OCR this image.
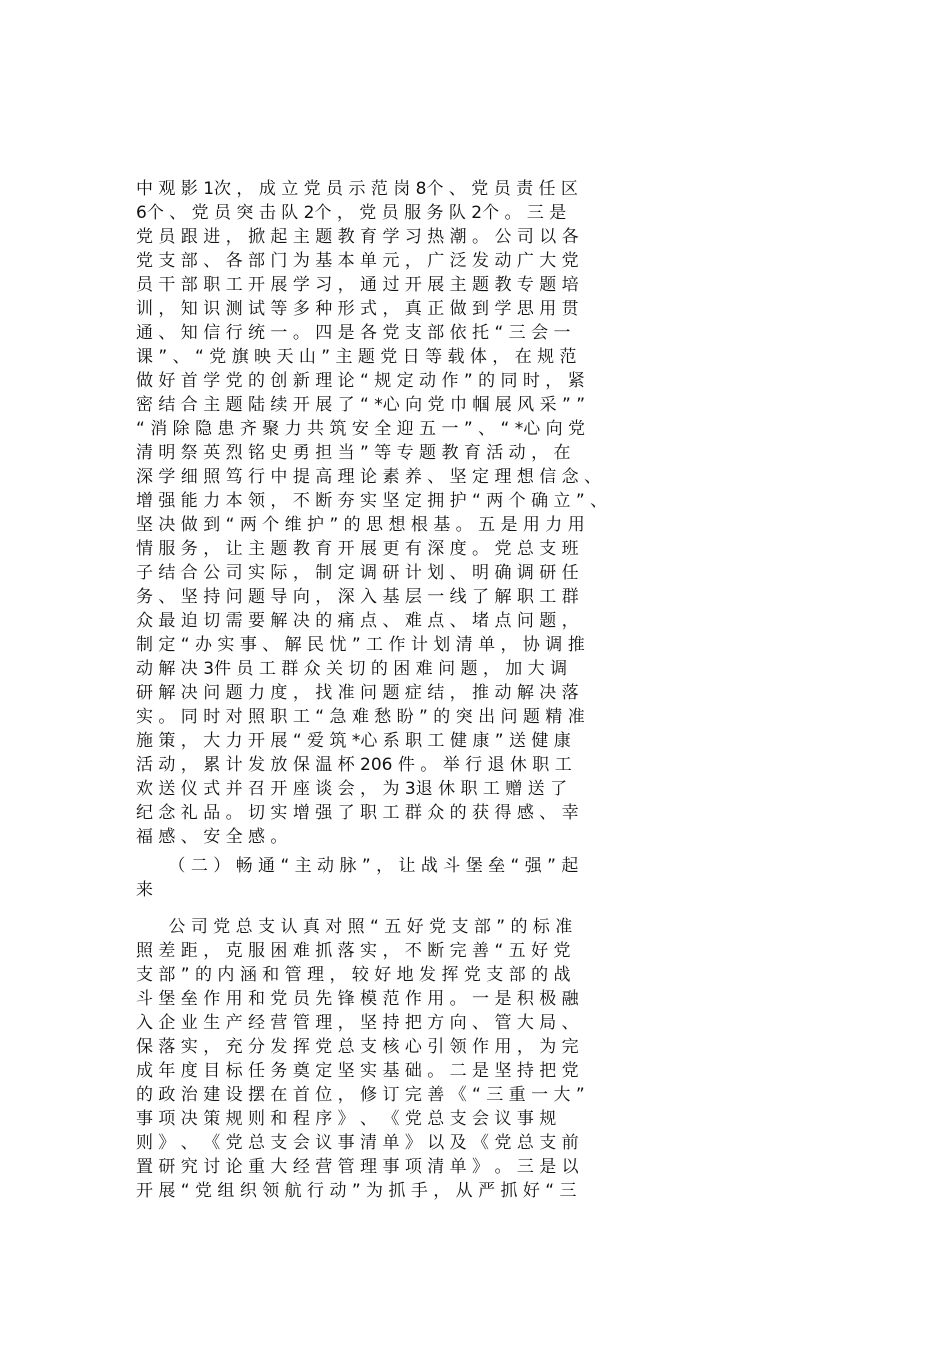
中 观 影 1次 ， 成 立 党 员 示 范 岗 8个 、 党 员 责 任 区
6个 、 党 员 突 击 队 2个 ， 党 员 服 务 队 2个 。 三 是
党 员 跟 进 ， 掀 起 主 题 教 育 学 习 热 潮 。 公 司 以 各
党 支 部 、 各 部 门 为 基 本 单 元 ， 广 泛 发 动 广 大 党
员 干 部 职 工 开 展 学 习 ， 通 过 开 展 主 题 教 专 题 培
训 ， 知 识 测 试 等 多 种 形 式 ， 真 正 做 到 学 思 用 贯
通 、 知 信 行 统 一 。 四 是 各 党 支 部 依 托 “ 三 会 一
课 ” 、 “ 党 旗 映 天 山 ” 主 题 党 日 等 载 体 ， 在 规 范
做 好 首 学 党 的 创 新 理 论 “ 规 定 动 作 ” 的 同 时 ， 紧
密 结 合 主 题 陆 续 开 展 了 “ *心 向 党 巾 帼 展 风 采 ” ”
“ 消 除 隐 患 齐 聚 力 共 筑 安 全 迎 五 一 ” 、 “ *心 向 党
清 明 祭 英 烈 铭 史 勇 担 当 ” 等 专 题 教 育 活 动 ， 在
深 学 细 照 笃 行 中 提 高 理 论 素 养 、 坚 定 理 想 信 念 、
增 强 能 力 本 领 ， 不 断 夯 实 坚 定 拥 护 “ 两 个 确 立 ” 、
坚 决 做 到 “ 两 个 维 护 ” 的 思 想 根 基 。 五 是 用 力 用
情 服 务 ， 让 主 题 教 育 开 展 更 有 深 度 。 党 总 支 班
子 结 合 公 司 实 际 ， 制 定 调 研 计 划 、 明 确 调 研 任
务 、 坚 持 问 题 导 向 ， 深 入 基 层 一 线 了 解 职 工 群
众 最 迫 切 需 要 解 决 的 痛 点 、 难 点 、 堵 点 问 题 ，
制 定 “ 办 实 事 、 解 民 忧 ” 工 作 计 划 清 单 ， 协 调 推
动 解 决 3件 员 工 群 众 关 切 的 困 难 问 题 ， 加 大 调
研 解 决 问 题 力 度 ， 找 准 问 题 症 结 ， 推 动 解 决 落
实 。 同 时 对 照 职 工 “ 急 难 愁 盼 ” 的 突 出 问 题 精 准
施 策 ， 大 力 开 展 “ 爱 筑 *心 系 职 工 健 康 ” 送 健 康
活 动 ， 累 计 发 放 保 温 杯 206 件 。 举 行 退 休 职 工
欢 送 仪 式 并 召 开 座 谈 会 ， 为 3退 休 职 工 赠 送 了
纪 念 礼 品 。 切 实 增 强 了 职 工 群 众 的 获 得 感 、 幸
福 感 、 安 全 感 。
（ 二 ） 畅 通 “ 主 动 脉 ” ， 让 战 斗 堡 垒 “ 强 ” 起
来
公 司 党 总 支 认 真 对 照 “ 五 好 党 支 部 ” 的 标 准
照 差 距 ， 克 服 困 难 抓 落 实 ， 不 断 完 善 “ 五 好 党
支 部 ” 的 内 涵 和 管 理 ， 较 好 地 发 挥 党 支 部 的 战
斗 堡 垒 作 用 和 党 员 先 锋 模 范 作 用 。 一 是 积 极 融
入 企 业 生 产 经 营 管 理 ， 坚 持 把 方 向 、 管 大 局 、
保 落 实 ， 充 分 发 挥 党 总 支 核 心 引 领 作 用 ， 为 完
成 年 度 目 标 任 务 奠 定 坚 实 基 础 。 二 是 坚 持 把 党
的 政 治 建 设 摆 在 首 位 ， 修 订 完 善 《 “ 三 重 一 大 ”
事 项 决 策 规 则 和 程 序 》 、 《 党 总 支 会 议 事 规
则 》 、 《 党 总 支 会 议 事 清 单 》 以 及 《 党 总 支 前
置 研 究 讨 论 重 大 经 营 管 理 事 项 清 单 》 。 三 是 以
开 展 “ 党 组 织 领 航 行 动 ” 为 抓 手 ， 从 严 抓 好 “ 三
